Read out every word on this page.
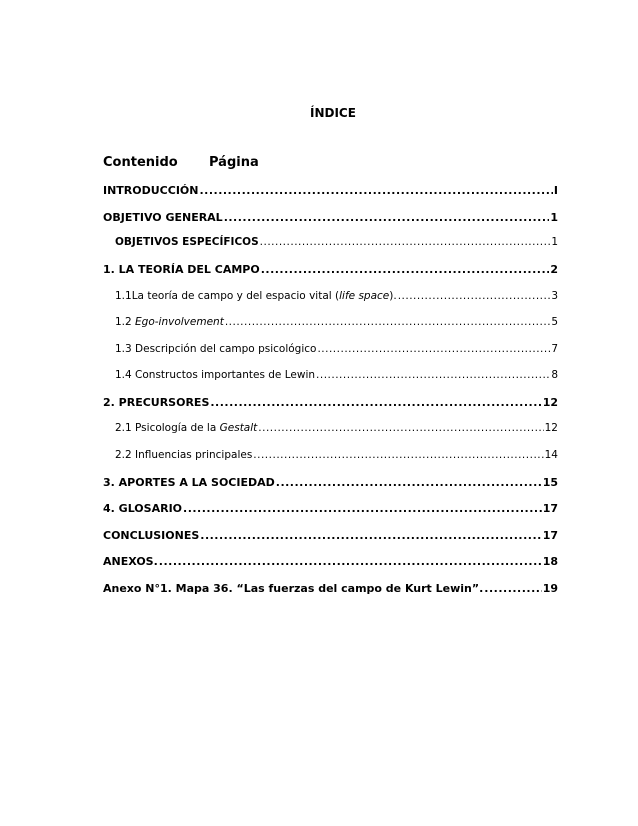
ÍNDICE
Contenido Página
INTRODUCCIÓN .....	I
OBJETIVO GENERAL .....	1
OBJETIVOS ESPECÍFICOS .....	1
1. LA TEORÍA DEL CAMPO .....	2
1.1 La teoría de campo y del espacio vital (life space). .....	3
1.2 Ego-involvement .....	5
1.3 Descripción del campo psicológico .....	7
1.4 Constructos importantes de Lewin .....	8
2. PRECURSORES .....	12
2.1 Psicología de la Gestalt .....	12
2.2 Influencias principales .....	14
3. APORTES A LA SOCIEDAD .....	15
4. GLOSARIO .....	17
CONCLUSIONES .....	17
ANEXOS. .....	18
Anexo N°1. Mapa 36. “Las fuerzas del campo de Kurt Lewin”. .....	19
